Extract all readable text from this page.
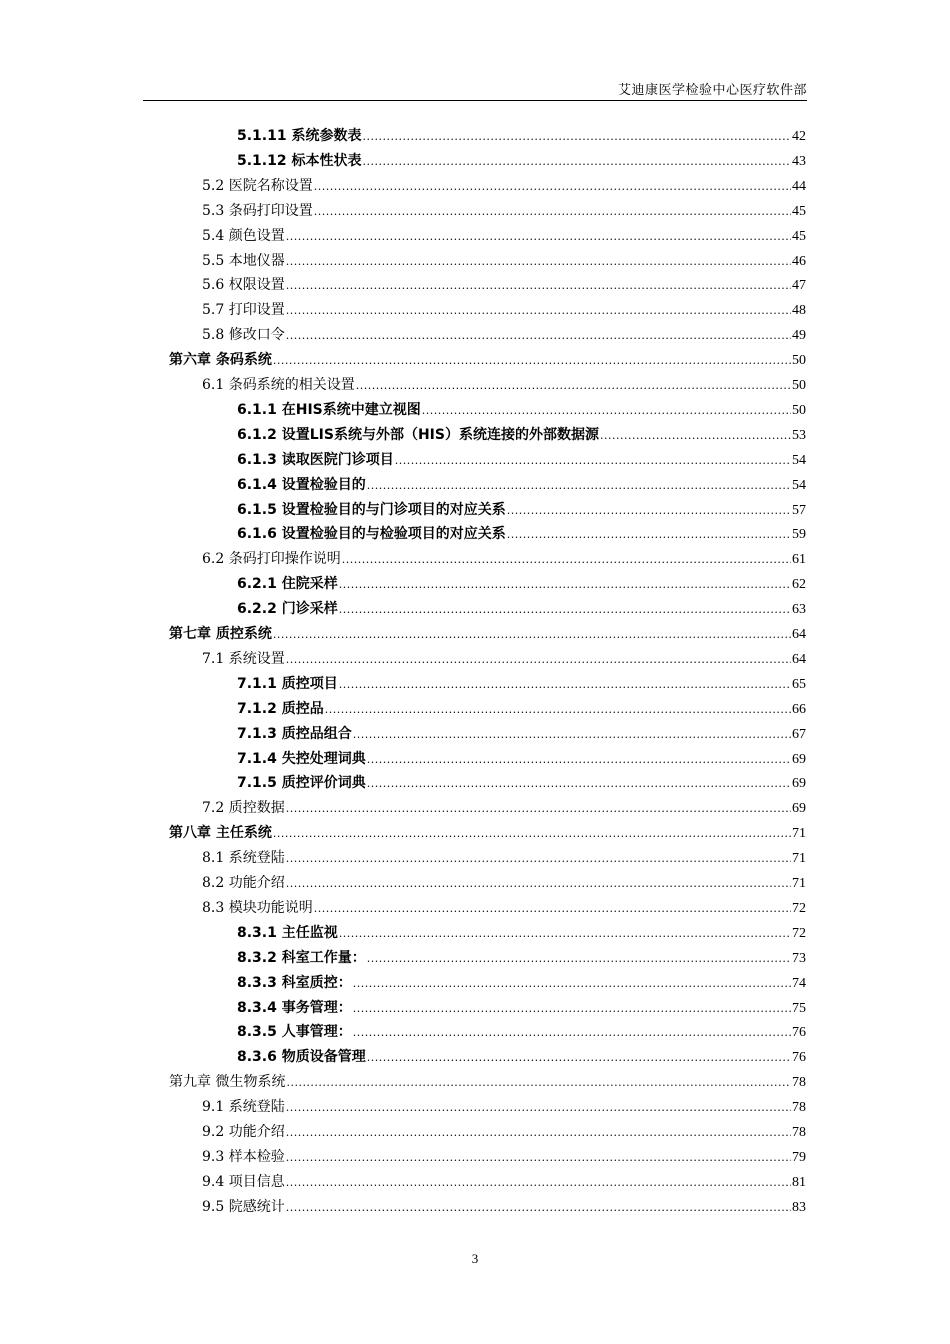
艾迪康医学检验中心医疗软件部
5.1.11 系统参数表 .....	42
5.1.12 标本性状表 .....	43
5.2 医院名称设置 .....	44
5.3 条码打印设置 .....	45
5.4 颜色设置 .....	45
5.5 本地仪器 .....	46
5.6 权限设置 .....	47
5.7 打印设置 .....	48
5.8 修改口令 .....	49
第六章 条码系统 .....	50
6.1 条码系统的相关设置 .....	50
6.1.1 在HIS系统中建立视图 .....	50
6.1.2 设置LIS系统与外部（HIS）系统连接的外部数据源 .....	53
6.1.3 读取医院门诊项目 .....	54
6.1.4 设置检验目的 .....	54
6.1.5 设置检验目的与门诊项目的对应关系 .....	57
6.1.6 设置检验目的与检验项目的对应关系 .....	59
6.2 条码打印操作说明 .....	61
6.2.1 住院采样 .....	62
6.2.2 门诊采样 .....	63
第七章 质控系统 .....	64
7.1 系统设置 .....	64
7.1.1 质控项目 .....	65
7.1.2 质控品 .....	66
7.1.3 质控品组合 .....	67
7.1.4 失控处理词典 .....	69
7.1.5 质控评价词典 .....	69
7.2 质控数据 .....	69
第八章 主任系统 .....	71
8.1 系统登陆 .....	71
8.2 功能介绍 .....	71
8.3 模块功能说明 .....	72
8.3.1 主任监视 .....	72
8.3.2 科室工作量： .....	73
8.3.3 科室质控： .....	74
8.3.4 事务管理： .....	75
8.3.5 人事管理： .....	76
8.3.6 物质设备管理 .....	76
第九章 微生物系统 .....	78
9.1 系统登陆 .....	78
9.2 功能介绍 .....	78
9.3 样本检验 .....	79
9.4 项目信息 .....	81
9.5 院感统计 .....	83
3
